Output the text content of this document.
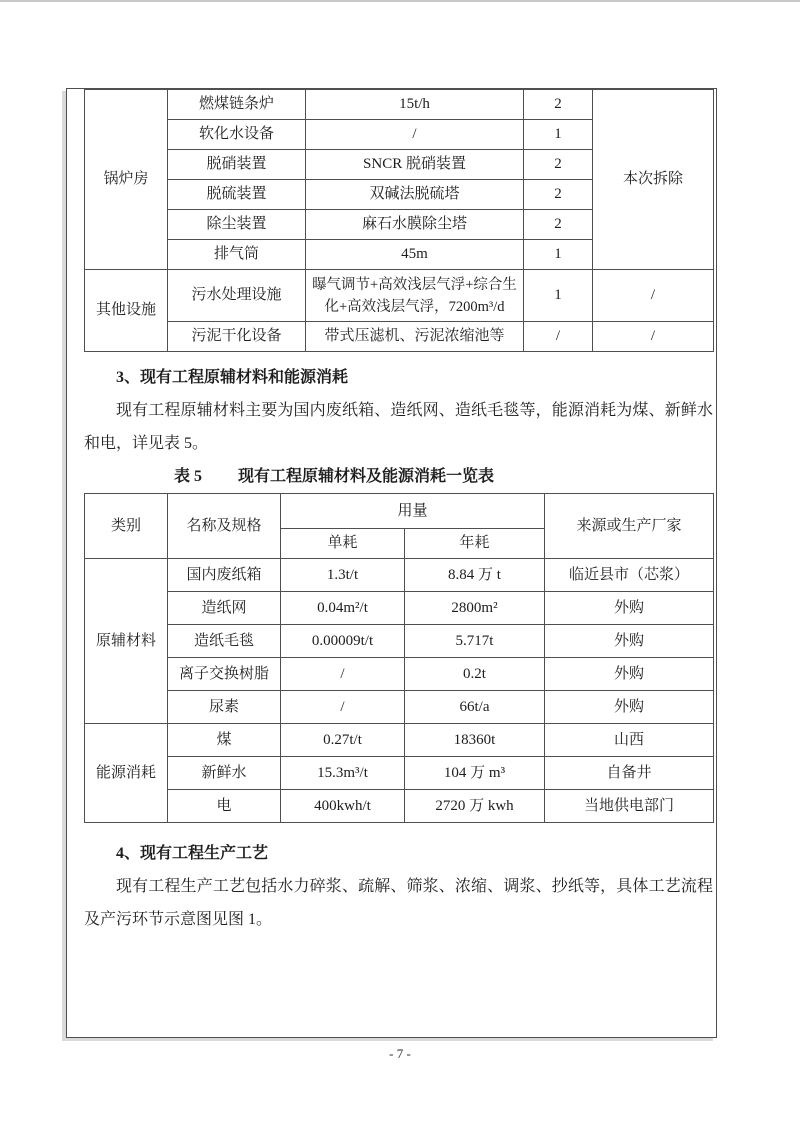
锅炉房	燃煤链条炉	15t/h	2	本次拆除
	软化水设备	/	1	
	脱硝装置	SNCR 脱硝装置	2	
	脱硫装置	双碱法脱硫塔	2	
	除尘装置	麻石水膜除尘塔	2	
	排气筒	45m	1	
其他设施	污水处理设施	曝气调节+高效浅层气浮+综合生化+高效浅层气浮，7200m³/d	1	/
	污泥干化设备	带式压滤机、污泥浓缩池等	/	/
3、现有工程原辅材料和能源消耗

现有工程原辅材料主要为国内废纸箱、造纸网、造纸毛毯等，能源消耗为煤、新鲜水和电，详见表 5。

表 5 现有工程原辅材料及能源消耗一览表
类别	名称及规格	用量		来源或生产厂家
		单耗	年耗	
原辅材料	国内废纸箱	1.3t/t	8.84 万 t	临近县市（芯浆）
	造纸网	0.04m²/t	2800m²	外购
	造纸毛毯	0.00009t/t	5.717t	外购
	离子交换树脂	/	0.2t	外购
	尿素	/	66t/a	外购
能源消耗	煤	0.27t/t	18360t	山西
	新鲜水	15.3m³/t	104 万 m³	自备井
	电	400kwh/t	2720 万 kwh	当地供电部门
4、现有工程生产工艺

现有工程生产工艺包括水力碎浆、疏解、筛浆、浓缩、调浆、抄纸等，具体工艺流程及产污环节示意图见图 1。

- 7 -
